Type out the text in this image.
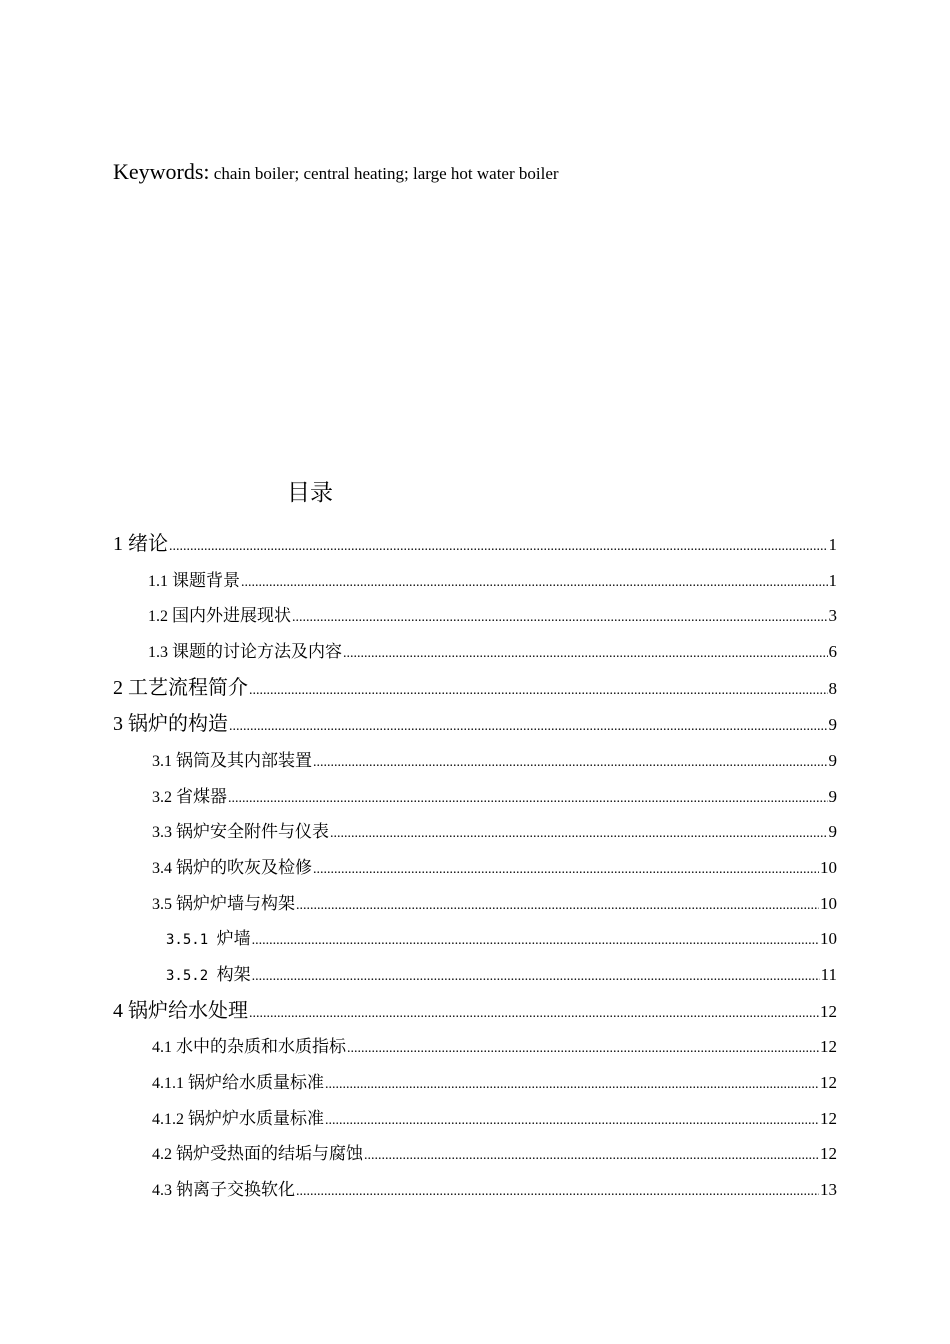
Keywords: chain boiler; central heating; large hot water boiler
目录
1 绪论 .....	1
1.1 课题背景 .....	1
1.2 国内外进展现状 .....	3
1.3 课题的讨论方法及内容 .....	6
2 工艺流程简介 .....	8
3 锅炉的构造 .....	9
3.1 锅筒及其内部装置 .....	9
3.2 省煤器 .....	9
3.3 锅炉安全附件与仪表 .....	9
3.4 锅炉的吹灰及检修 .....	10
3.5 锅炉炉墙与构架 .....	10
3.5.1 炉墙 .....	10
3.5.2 构架 .....	11
4 锅炉给水处理 .....	12
4.1 水中的杂质和水质指标 .....	12
4.1.1 锅炉给水质量标准 .....	12
4.1.2 锅炉炉水质量标准 .....	12
4.2 锅炉受热面的结垢与腐蚀 .....	12
4.3 钠离子交换软化 .....	13
